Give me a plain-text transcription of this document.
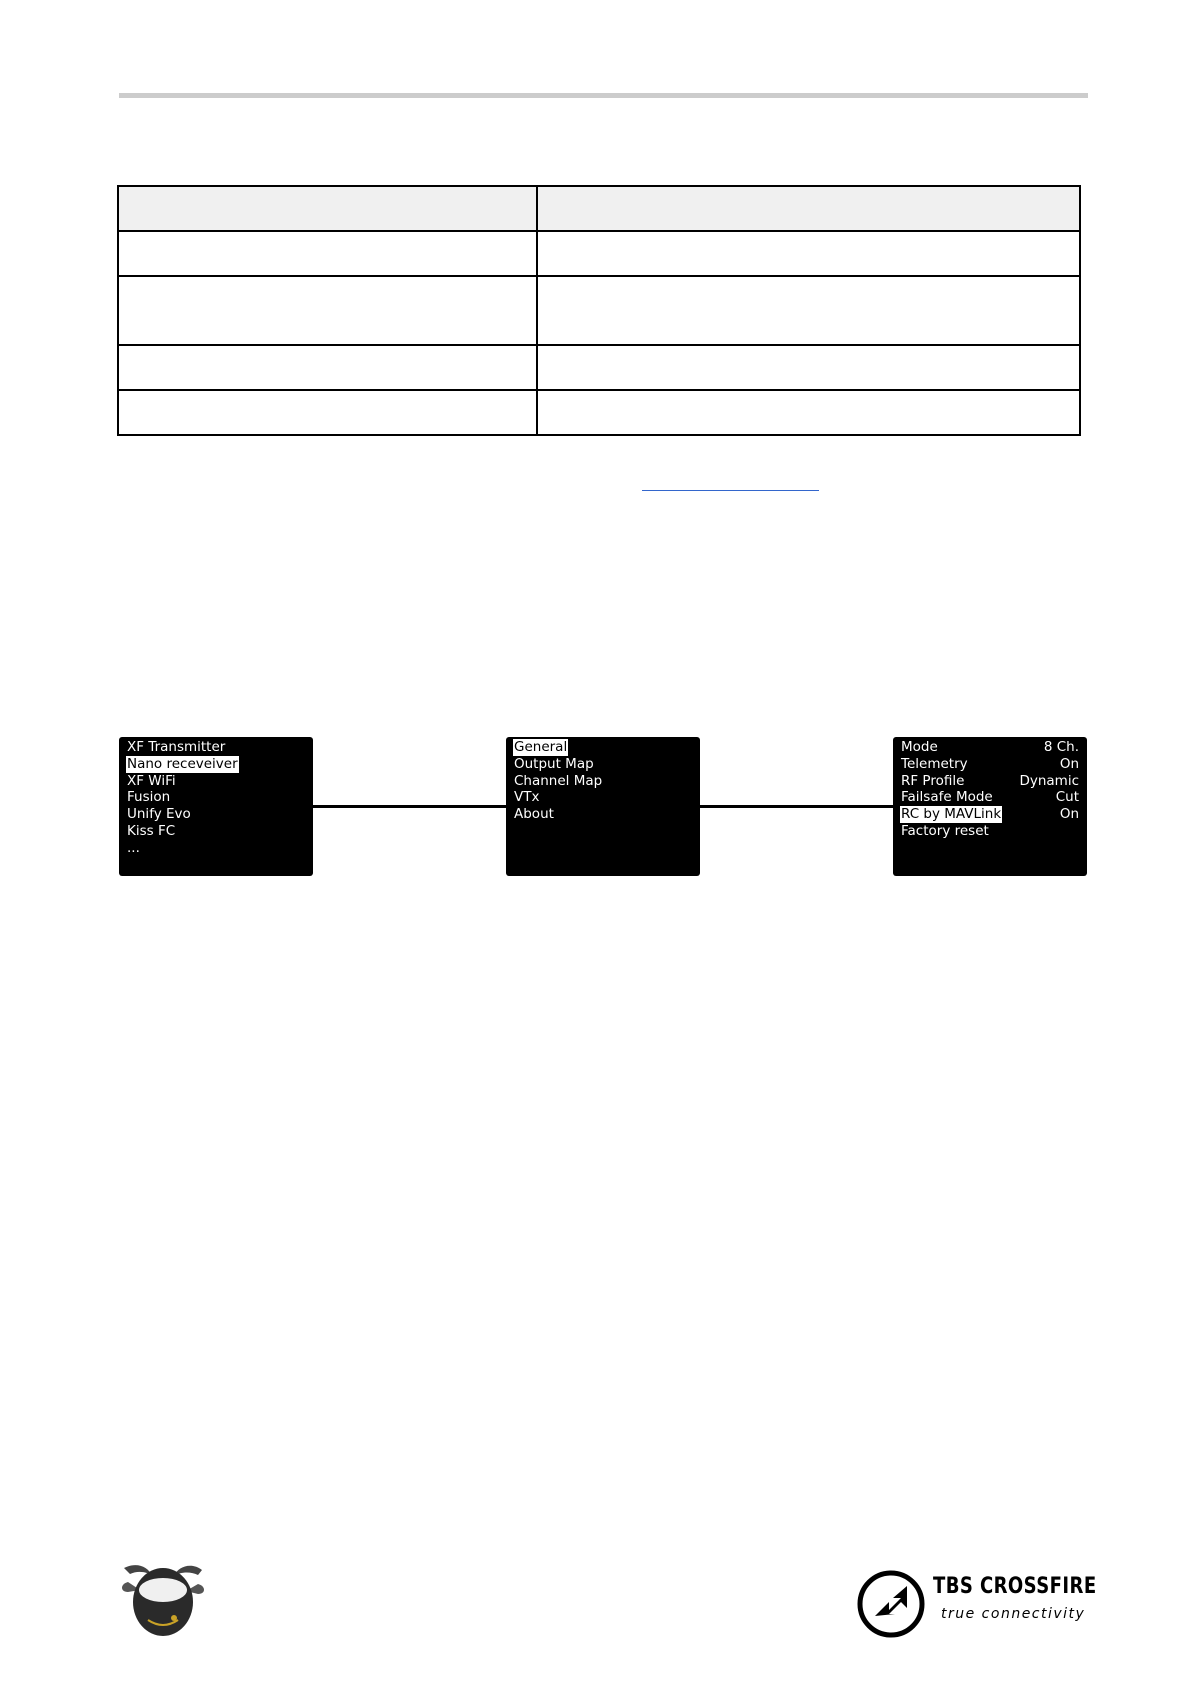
XF Transmitter
Nano receveiver
XF WiFi
Fusion
Unify Evo
Kiss FC
...
General
Output Map
Channel Map
VTx
About
Mode	8 Ch.
Telemetry	On
RF Profile	Dynamic
Failsafe Mode	Cut
RC by MAVLink	On
Factory reset
TBS CROSSFIRE
true connectivity
